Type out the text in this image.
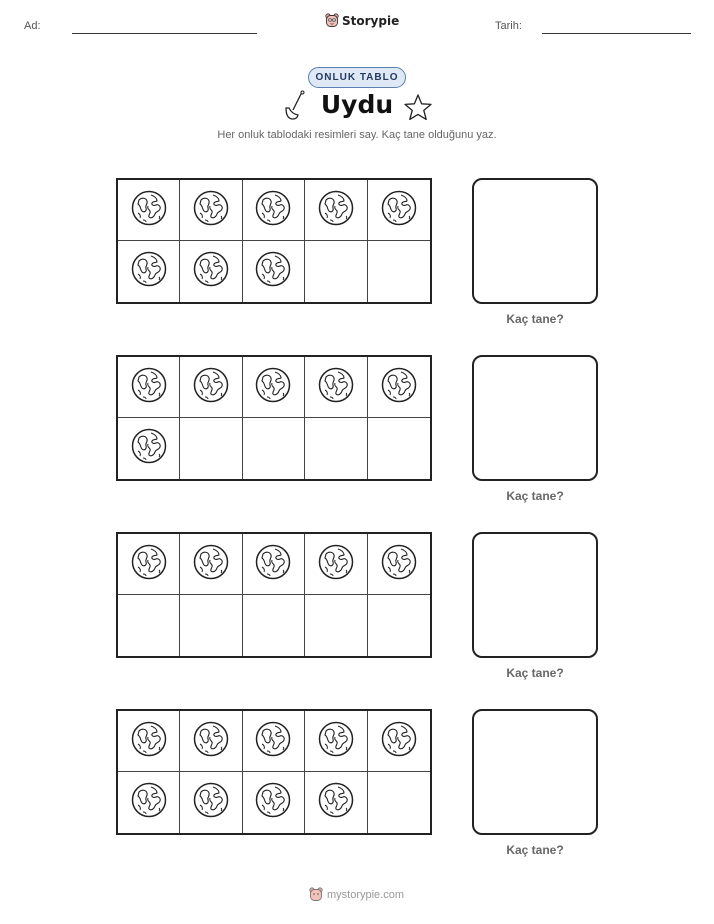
Ad:	Storypie	Tarih:
ONLUK TABLO
Uydu
Her onluk tablodaki resimleri say. Kaç tane olduğunu yaz.
Kaç tane?
Kaç tane?
Kaç tane?
Kaç tane?
mystorypie.com
